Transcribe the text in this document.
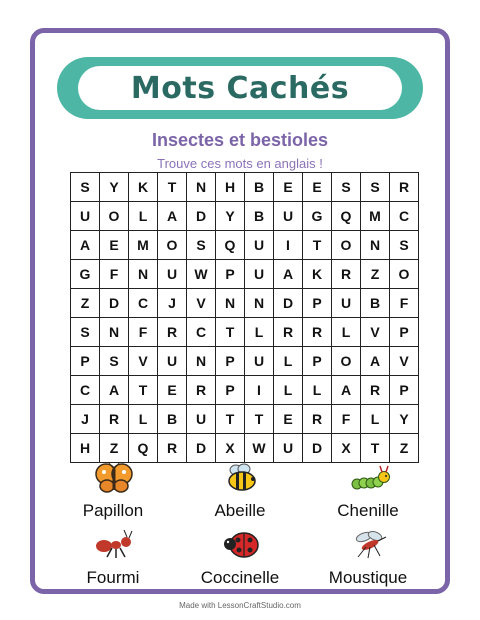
Mots Cachés
Insectes et bestioles
Trouve ces mots en anglais !
S	Y	K	T	N	H	B	E	E	S	S	R
U	O	L	A	D	Y	B	U	G	Q	M	C
A	E	M	O	S	Q	U	I	T	O	N	S
G	F	N	U	W	P	U	A	K	R	Z	O
Z	D	C	J	V	N	N	D	P	U	B	F
S	N	F	R	C	T	L	R	R	L	V	P
P	S	V	U	N	P	U	L	P	O	A	V
C	A	T	E	R	P	I	L	L	A	R	P
J	R	L	B	U	T	T	E	R	F	L	Y
H	Z	Q	R	D	X	W	U	D	X	T	Z
Papillon	Abeille	Chenille
Fourmi	Coccinelle	Moustique
Made with LessonCraftStudio.com
